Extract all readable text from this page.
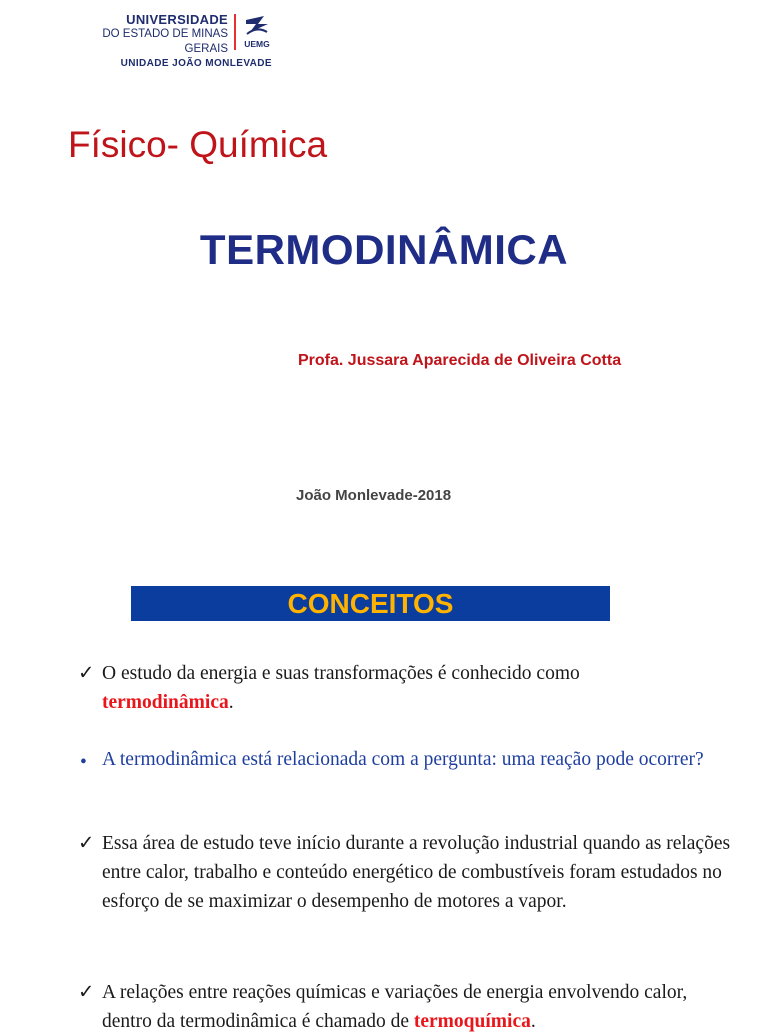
UNIVERSIDADE
DO ESTADO DE MINAS GERAIS UEMG
UNIDADE JOÃO MONLEVADE
Físico- Química
TERMODINÂMICA
Profa. Jussara Aparecida de Oliveira Cotta
João Monlevade-2018
CONCEITOS
✓ O estudo da energia e suas transformações é conhecido como
termodinâmica.
• A termodinâmica está relacionada com a pergunta: uma reação pode ocorrer?
✓ Essa área de estudo teve início durante a revolução industrial quando as relações entre calor, trabalho e conteúdo energético de combustíveis foram estudados no esforço de se maximizar o desempenho de motores a vapor.
✓ A relações entre reações químicas e variações de energia envolvendo calor, dentro da termodinâmica é chamado de termoquímica.
